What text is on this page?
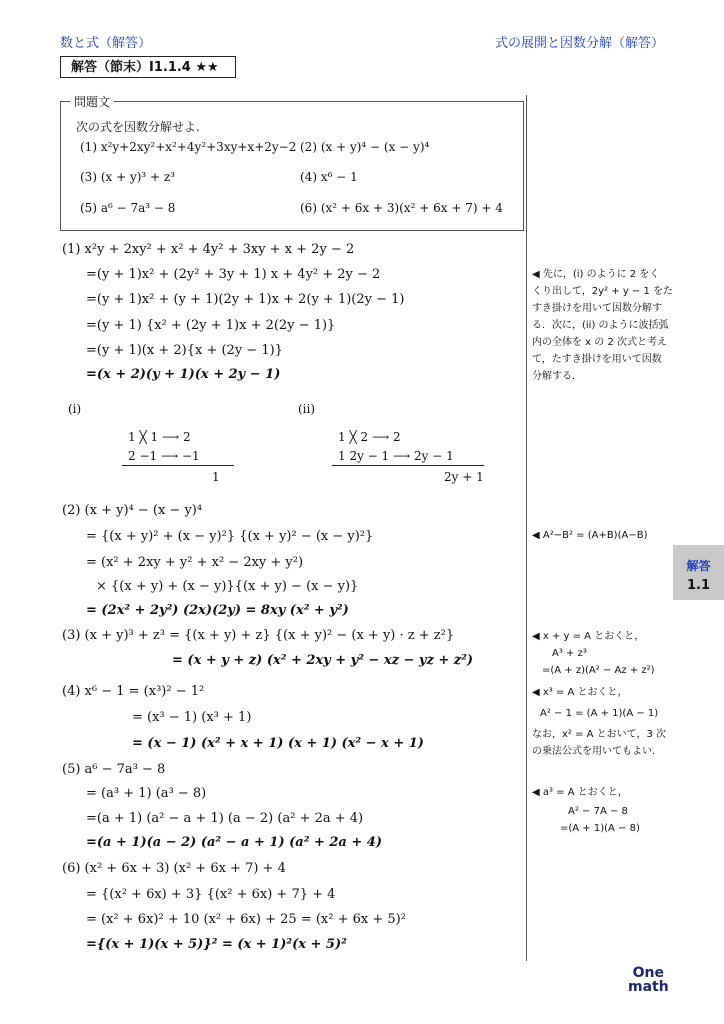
数と式（解答）	式の展開と因数分解（解答）
解答（節末）I1.1.4 ★★
問題文
次の式を因数分解せよ.
(1) x²y+2xy²+x²+4y²+3xy+x+2y−2 (2) (x + y)⁴ − (x − y)⁴
(3) (x + y)³ + z³	(4) x⁶ − 1
(5) a⁶ − 7a³ − 8	(6) (x² + 6x + 3)(x² + 6x + 7) + 4
(1) x²y + 2xy² + x² + 4y² + 3xy + x + 2y − 2
=(y + 1)x² + (2y² + 3y + 1) x + 4y² + 2y − 2
=(y + 1)x² + (y + 1)(2y + 1)x + 2(y + 1)(2y − 1)
=(y + 1) {x² + (2y + 1)x + 2(2y − 1)}
=(y + 1)(x + 2){x + (2y − 1)}
=(x + 2)(y + 1)(x + 2y − 1)
(i)
1 ╳ 1 ⟶ 2
2 −1 ⟶ −1
1
(ii)
1 ╳ 2 ⟶ 2
1 2y − 1 ⟶ 2y − 1
2y + 1
(2) (x + y)⁴ − (x − y)⁴
= {(x + y)² + (x − y)²} {(x + y)² − (x − y)²}
= (x² + 2xy + y² + x² − 2xy + y²)
× {(x + y) + (x − y)}{(x + y) − (x − y)}
= (2x² + 2y²) (2x)(2y) = 8xy (x² + y²)
(3) (x + y)³ + z³ = {(x + y) + z} {(x + y)² − (x + y) · z + z²}
= (x + y + z) (x² + 2xy + y² − xz − yz + z²)
(4) x⁶ − 1 = (x³)² − 1²
= (x³ − 1) (x³ + 1)
= (x − 1) (x² + x + 1) (x + 1) (x² − x + 1)
(5) a⁶ − 7a³ − 8
= (a³ + 1) (a³ − 8)
=(a + 1) (a² − a + 1) (a − 2) (a² + 2a + 4)
=(a + 1)(a − 2) (a² − a + 1) (a² + 2a + 4)
(6) (x² + 6x + 3) (x² + 6x + 7) + 4
= {(x² + 6x) + 3} {(x² + 6x) + 7} + 4
= (x² + 6x)² + 10 (x² + 6x) + 25 = (x² + 6x + 5)²
={(x + 1)(x + 5)}² = (x + 1)²(x + 5)²
◀ 先に，(i) のように 2 をく
くり出して，2y² + y − 1 をた
すき掛けを用いて因数分解す
る．次に，(ii) のように波括弧
内の全体を x の 2 次式と考え
て，たすき掛けを用いて因数
分解する．
◀ A²−B² = (A+B)(A−B)
◀ x + y = A とおくと，
A³ + z³
=(A + z)(A² − Az + z²)
◀ x³ = A とおくと，
A² − 1 = (A + 1)(A − 1)
なお，x² = A とおいて，3 次
の乗法公式を用いてもよい．
◀ a³ = A とおくと，
A² − 7A − 8
=(A + 1)(A − 8)
解答
1.1
One
math
